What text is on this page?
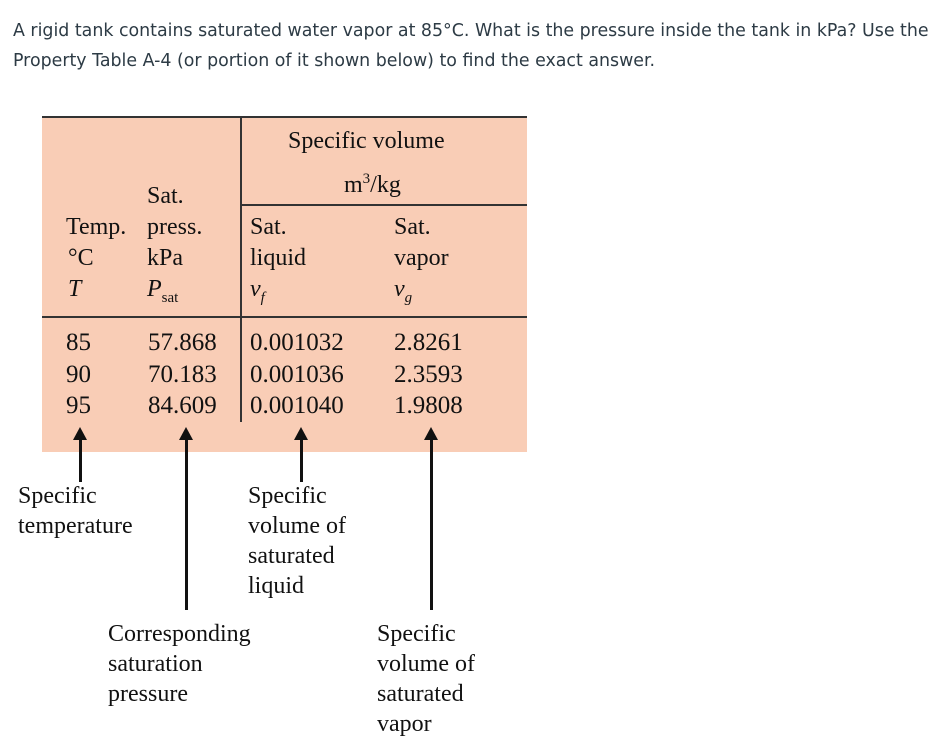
A rigid tank contains saturated water vapor at 85°C. What is the pressure inside the tank in kPa? Use the Property Table A-4 (or portion of it shown below) to find the exact answer.
Specific volume
$m^3/kg$
Sat.
Temp. press.
°C kPa
T	$P_{sat}$
Sat.
liquid
$v_f$
Sat.
vapor
$v_g$
85 57.868 0.001032 2.8261
90 70.183 0.001036 2.3593
95 84.609 0.001040 1.9808
Specific
temperature
Specific
volume of
saturated
liquid
Corresponding
saturation
pressure
Specific
volume of
saturated
vapor
